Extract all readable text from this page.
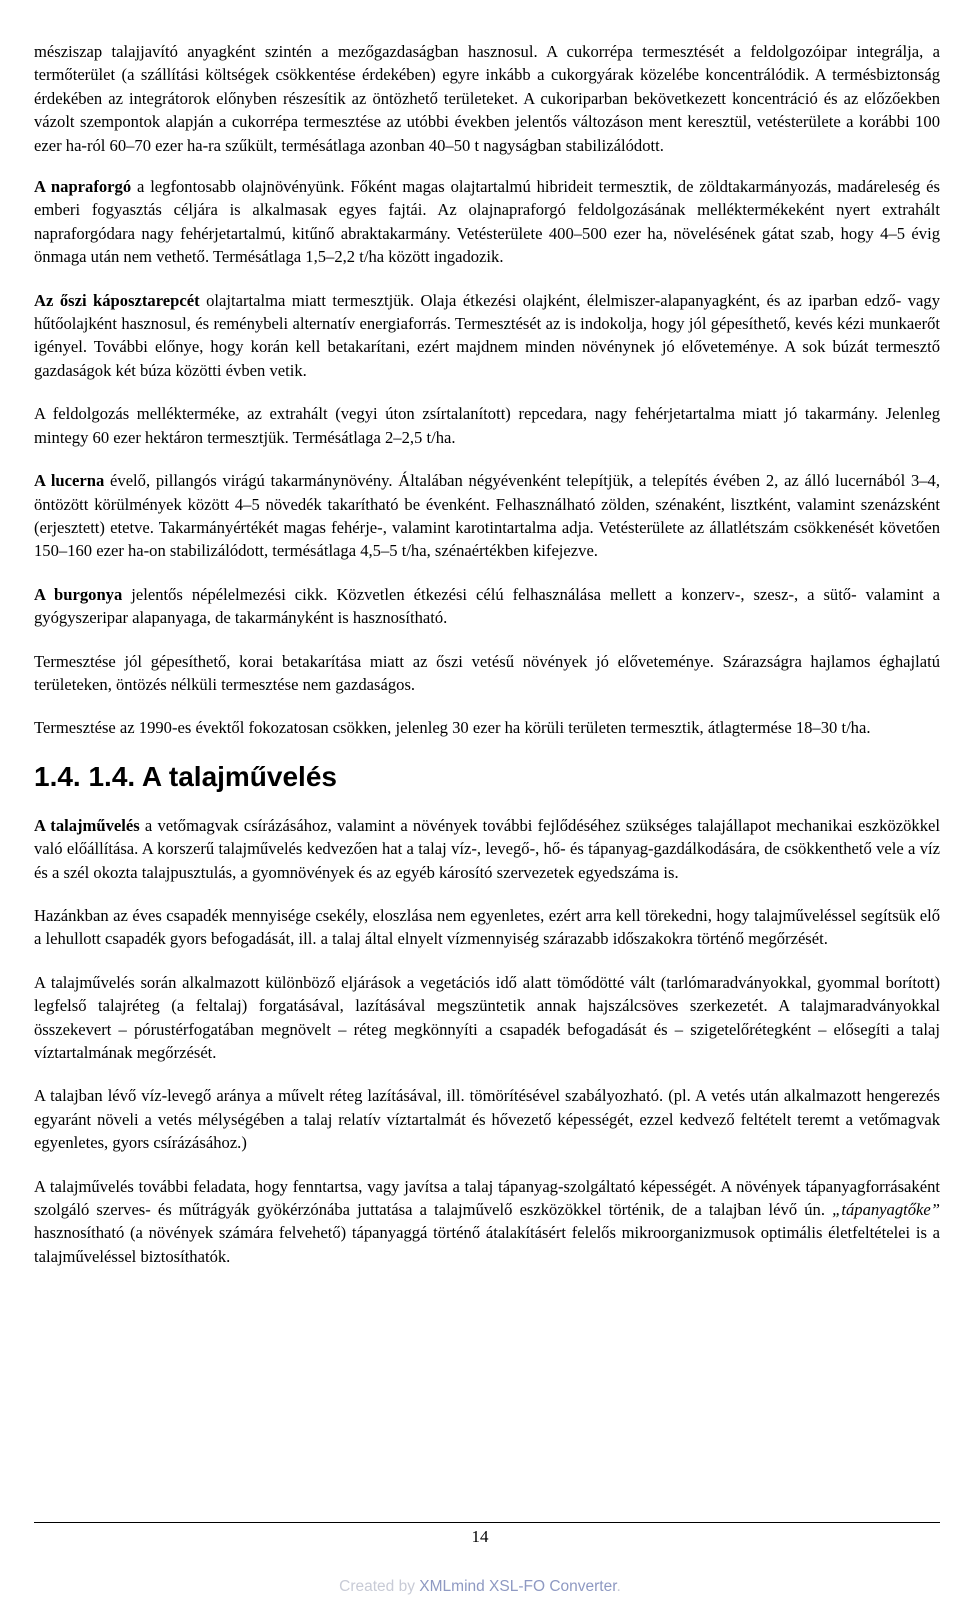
mésziszap talajjavító anyagként szintén a mezőgazdaságban hasznosul. A cukorrépa termesztését a feldolgozóipar integrálja, a termőterület (a szállítási költségek csökkentése érdekében) egyre inkább a cukorgyárak közelébe koncentrálódik. A termésbiztonság érdekében az integrátorok előnyben részesítik az öntözhető területeket. A cukoriparban bekövetkezett koncentráció és az előzőekben vázolt szempontok alapján a cukorrépa termesztése az utóbbi években jelentős változáson ment keresztül, vetésterülete a korábbi 100 ezer ha-ról 60–70 ezer ha-ra szűkült, termésátlaga azonban 40–50 t nagyságban stabilizálódott.

A napraforgó a legfontosabb olajnövényünk. Főként magas olajtartalmú hibrideit termesztik, de zöldtakarmányozás, madáreleség és emberi fogyasztás céljára is alkalmasak egyes fajtái. Az olajnapraforgó feldolgozásának melléktermékeként nyert extrahált napraforgódara nagy fehérjetartalmú, kitűnő abraktakarmány. Vetésterülete 400–500 ezer ha, növelésének gátat szab, hogy 4–5 évig önmaga után nem vethető. Termésátlaga 1,5–2,2 t/ha között ingadozik.

Az őszi káposztarepcét olajtartalma miatt termesztjük. Olaja étkezési olajként, élelmiszer-alapanyagként, és az iparban edző- vagy hűtőolajként hasznosul, és reménybeli alternatív energiaforrás. Termesztését az is indokolja, hogy jól gépesíthető, kevés kézi munkaerőt igényel. További előnye, hogy korán kell betakarítani, ezért majdnem minden növénynek jó előveteménye. A sok búzát termesztő gazdaságok két búza közötti évben vetik.

A feldolgozás mellékterméke, az extrahált (vegyi úton zsírtalanított) repcedara, nagy fehérjetartalma miatt jó takarmány. Jelenleg mintegy 60 ezer hektáron termesztjük. Termésátlaga 2–2,5 t/ha.

A lucerna évelő, pillangós virágú takarmánynövény. Általában négyévenként telepítjük, a telepítés évében 2, az álló lucernából 3–4, öntözött körülmények között 4–5 növedék takarítható be évenként. Felhasználható zölden, szénaként, lisztként, valamint szenázsként (erjesztett) etetve. Takarmányértékét magas fehérje-, valamint karotintartalma adja. Vetésterülete az állatlétszám csökkenését követően 150–160 ezer ha-on stabilizálódott, termésátlaga 4,5–5 t/ha, szénaértékben kifejezve.

A burgonya jelentős népélelmezési cikk. Közvetlen étkezési célú felhasználása mellett a konzerv-, szesz-, a sütő- valamint a gyógyszeripar alapanyaga, de takarmányként is hasznosítható.

Termesztése jól gépesíthető, korai betakarítása miatt az őszi vetésű növények jó előveteménye. Szárazságra hajlamos éghajlatú területeken, öntözés nélküli termesztése nem gazdaságos.

Termesztése az 1990-es évektől fokozatosan csökken, jelenleg 30 ezer ha körüli területen termesztik, átlagtermése 18–30 t/ha.

1.4. 1.4. A talajművelés

A talajművelés a vetőmagvak csírázásához, valamint a növények további fejlődéséhez szükséges talajállapot mechanikai eszközökkel való előállítása. A korszerű talajművelés kedvezően hat a talaj víz-, levegő-, hő- és tápanyag-gazdálkodására, de csökkenthető vele a víz és a szél okozta talajpusztulás, a gyomnövények és az egyéb károsító szervezetek egyedszáma is.

Hazánkban az éves csapadék mennyisége csekély, eloszlása nem egyenletes, ezért arra kell törekedni, hogy talajműveléssel segítsük elő a lehullott csapadék gyors befogadását, ill. a talaj által elnyelt vízmennyiség szárazabb időszakokra történő megőrzését.

A talajművelés során alkalmazott különböző eljárások a vegetációs idő alatt tömődötté vált (tarlómaradványokkal, gyommal borított) legfelső talajréteg (a feltalaj) forgatásával, lazításával megszüntetik annak hajszálcsöves szerkezetét. A talajmaradványokkal összekevert – pórustérfogatában megnövelt – réteg megkönnyíti a csapadék befogadását és – szigetelőrétegként – elősegíti a talaj víztartalmának megőrzését.

A talajban lévő víz-levegő aránya a művelt réteg lazításával, ill. tömörítésével szabályozható. (pl. A vetés után alkalmazott hengerezés egyaránt növeli a vetés mélységében a talaj relatív víztartalmát és hővezető képességét, ezzel kedvező feltételt teremt a vetőmagvak egyenletes, gyors csírázásához.)

A talajművelés további feladata, hogy fenntartsa, vagy javítsa a talaj tápanyag-szolgáltató képességét. A növények tápanyagforrásaként szolgáló szerves- és műtrágyák gyökérzónába juttatása a talajművelő eszközökkel történik, de a talajban lévő ún. „tápanyagtőke” hasznosítható (a növények számára felvehető) tápanyaggá történő átalakításért felelős mikroorganizmusok optimális életfeltételei is a talajműveléssel biztosíthatók.

14
Created by XMLmind XSL-FO Converter.
